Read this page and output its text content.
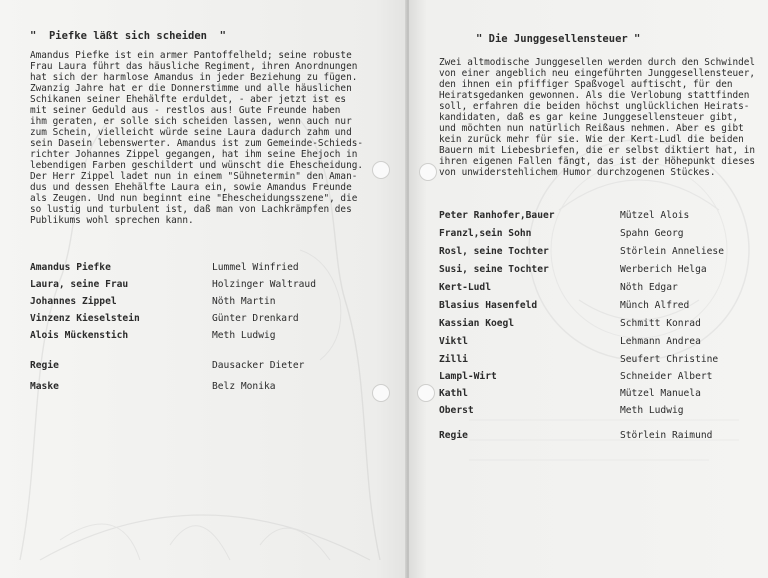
"  Piefke läßt sich scheiden  "
Amandus Piefke ist ein armer Pantoffelheld; seine robuste
Frau Laura führt das häusliche Regiment, ihren Anordnungen
hat sich der harmlose Amandus in jeder Beziehung zu fügen.
Zwanzig Jahre hat er die Donnerstimme und alle häuslichen
Schikanen seiner Ehehälfte erduldet, - aber jetzt ist es
mit seiner Geduld aus - restlos aus! Gute Freunde haben
ihm geraten, er solle sich scheiden lassen, wenn auch nur
zum Schein, vielleicht würde seine Laura dadurch zahm und
sein Dasein lebenswerter. Amandus ist zum Gemeinde-Schieds-
richter Johannes Zippel gegangen, hat ihm seine Ehejoch in
lebendigen Farben geschildert und wünscht die Ehescheidung.
Der Herr Zippel ladet nun in einem "Sühnetermin" den Aman-
dus und dessen Ehehälfte Laura ein, sowie Amandus Freunde
als Zeugen. Und nun beginnt eine "Ehescheidungsszene", die
so lustig und turbulent ist, daß man von Lachkrämpfen des
Publikums wohl sprechen kann.
Amandus Piefke	Lummel Winfried
Laura, seine Frau	Holzinger Waltraud
Johannes Zippel	Nöth Martin
Vinzenz Kieselstein	Günter Drenkard
Alois Mückenstich	Meth Ludwig
Regie	Dausacker Dieter
Maske	Belz Monika
" Die Junggesellensteuer "
Zwei altmodische Junggesellen werden durch den Schwindel
von einer angeblich neu eingeführten Junggesellensteuer,
den ihnen ein pfiffiger Spaßvogel auftischt, für den
Heiratsgedanken gewonnen. Als die Verlobung stattfinden
soll, erfahren die beiden höchst unglücklichen Heirats-
kandidaten, daß es gar keine Junggesellensteuer gibt,
und möchten nun natürlich Reißaus nehmen. Aber es gibt
kein zurück mehr für sie. Wie der Kert-Ludl die beiden
Bauern mit Liebesbriefen, die er selbst diktiert hat, in
ihren eigenen Fallen fängt, das ist der Höhepunkt dieses
von unwiderstehlichem Humor durchzogenen Stückes.
Peter Ranhofer,Bauer	Mützel Alois
Franzl,sein Sohn	Spahn Georg
Rosl, seine Tochter	Störlein Anneliese
Susi, seine Tochter	Werberich Helga
Kert-Ludl	Nöth Edgar
Blasius Hasenfeld	Münch Alfred
Kassian Koegl	Schmitt Konrad
Viktl	Lehmann Andrea
Zilli	Seufert Christine
Lampl-Wirt	Schneider Albert
Kathl	Mützel Manuela
Oberst	Meth Ludwig
Regie	Störlein Raimund
